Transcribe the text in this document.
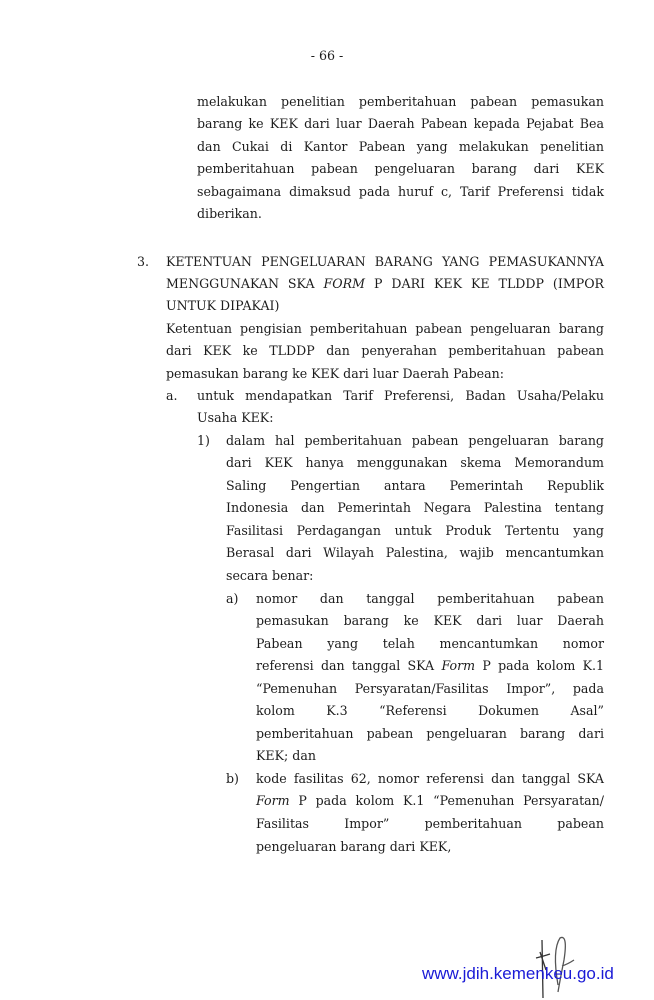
- 66 -
melakukan penelitian pemberitahuan pabean pemasukan
barang ke KEK dari luar Daerah Pabean kepada Pejabat Bea
dan Cukai di Kantor Pabean yang melakukan penelitian
pemberitahuan pabean pengeluaran barang dari KEK
sebagaimana dimaksud pada huruf c, Tarif Preferensi tidak
diberikan.
3. KETENTUAN PENGELUARAN BARANG YANG PEMASUKANNYA
MENGGUNAKAN SKA FORM P DARI KEK KE TLDDP (IMPOR
UNTUK DIPAKAI)
Ketentuan pengisian pemberitahuan pabean pengeluaran barang
dari KEK ke TLDDP dan penyerahan pemberitahuan pabean
pemasukan barang ke KEK dari luar Daerah Pabean:
a. untuk mendapatkan Tarif Preferensi, Badan Usaha/Pelaku
Usaha KEK:
1) dalam hal pemberitahuan pabean pengeluaran barang
dari KEK hanya menggunakan skema Memorandum
Saling Pengertian antara Pemerintah Republik
Indonesia dan Pemerintah Negara Palestina tentang
Fasilitasi Perdagangan untuk Produk Tertentu yang
Berasal dari Wilayah Palestina, wajib mencantumkan
secara benar:
a) nomor dan tanggal pemberitahuan pabean
pemasukan barang ke KEK dari luar Daerah
Pabean yang telah mencantumkan nomor
referensi dan tanggal SKA Form P pada kolom K.1
“Pemenuhan Persyaratan/Fasilitas Impor”, pada
kolom K.3 “Referensi Dokumen Asal”
pemberitahuan pabean pengeluaran barang dari
KEK; dan
b) kode fasilitas 62, nomor referensi dan tanggal SKA
Form P pada kolom K.1 “Pemenuhan Persyaratan/
Fasilitas Impor” pemberitahuan pabean
pengeluaran barang dari KEK,
www.jdih.kemenkeu.go.id
